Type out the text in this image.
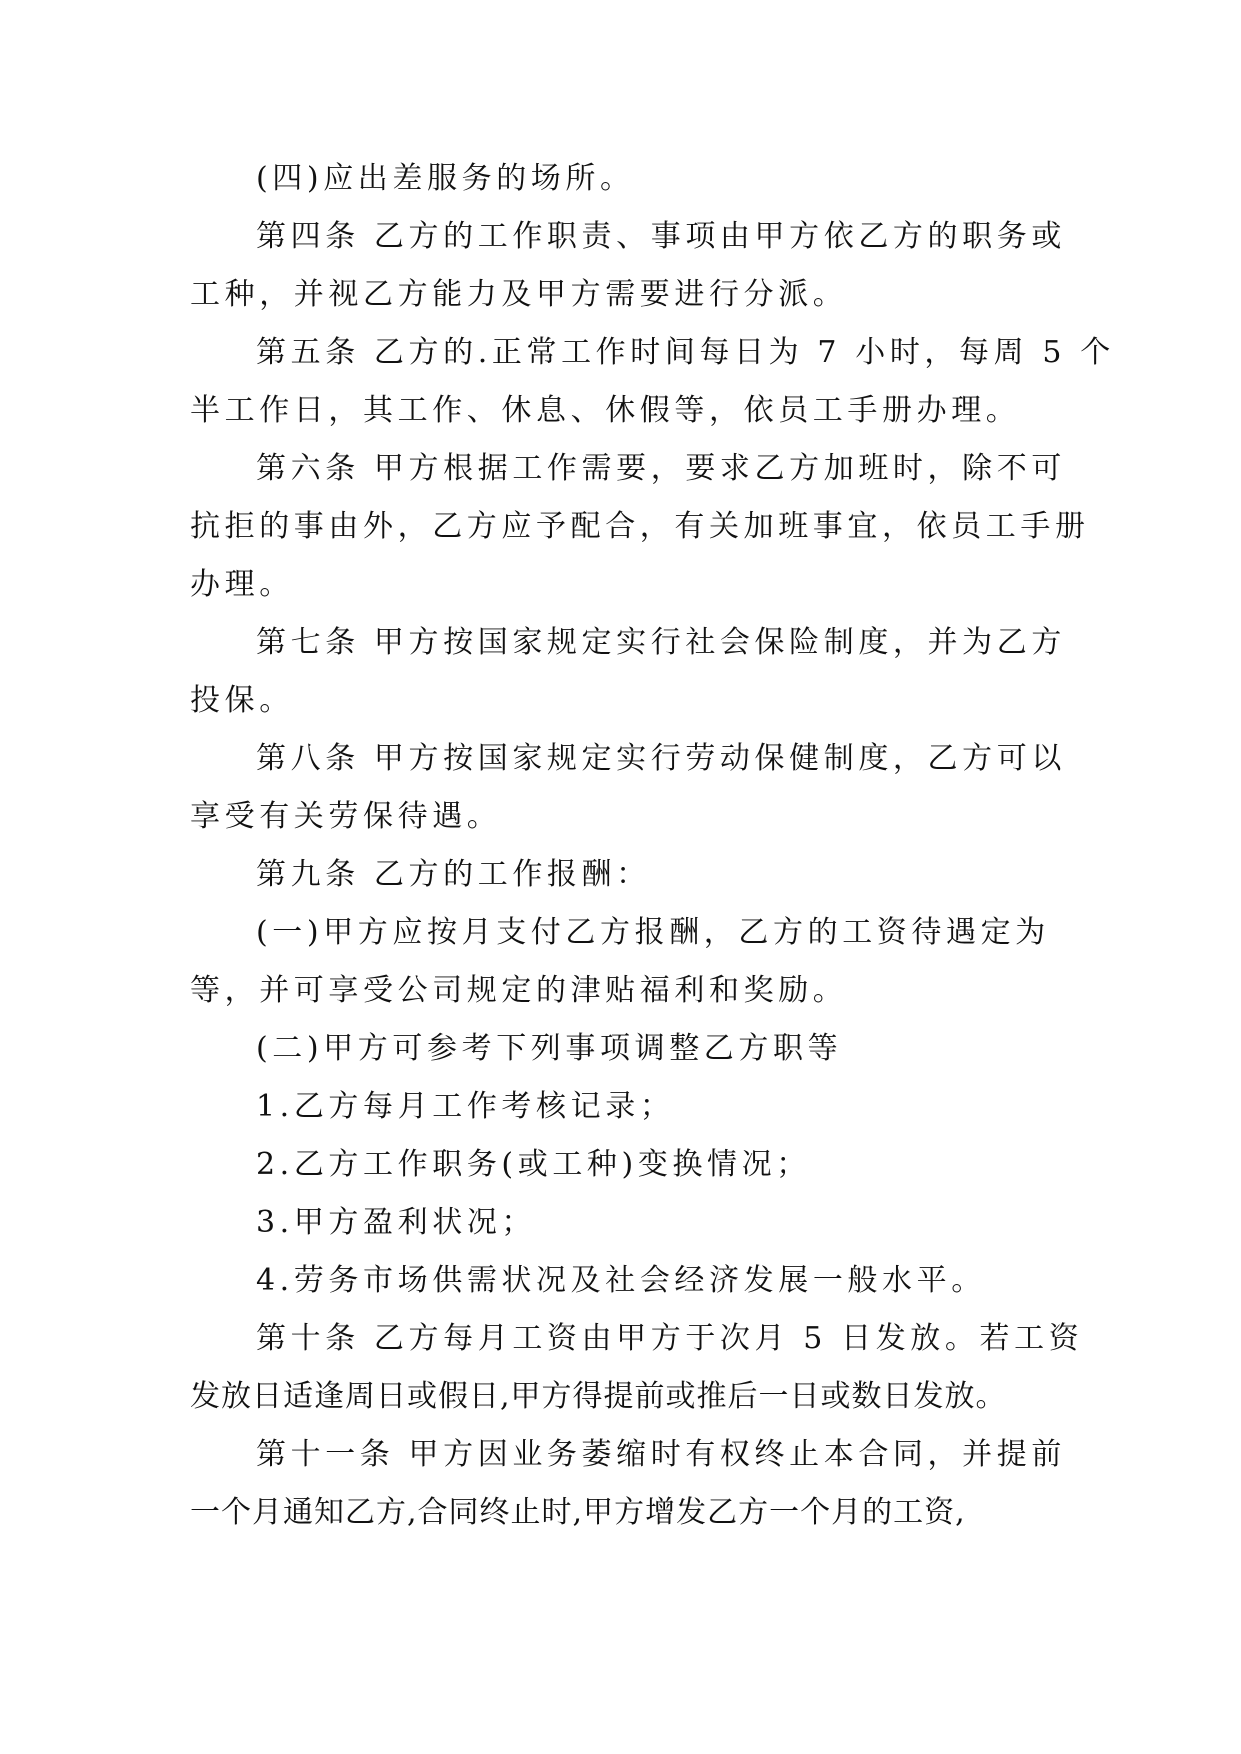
(四)应出差服务的场所。
第四条 乙方的工作职责、事项由甲方依乙方的职务或
工种，并视乙方能力及甲方需要进行分派。
第五条 乙方的.正常工作时间每日为 7 小时，每周 5 个
半工作日，其工作、休息、休假等，依员工手册办理。
第六条 甲方根据工作需要，要求乙方加班时，除不可
抗拒的事由外，乙方应予配合，有关加班事宜，依员工手册
办理。
第七条 甲方按国家规定实行社会保险制度，并为乙方
投保。
第八条 甲方按国家规定实行劳动保健制度，乙方可以
享受有关劳保待遇。
第九条 乙方的工作报酬：
(一)甲方应按月支付乙方报酬，乙方的工资待遇定为
等，并可享受公司规定的津贴福利和奖励。
(二)甲方可参考下列事项调整乙方职等
1.乙方每月工作考核记录；
2.乙方工作职务(或工种)变换情况；
3.甲方盈利状况；
4.劳务市场供需状况及社会经济发展一般水平。
第十条 乙方每月工资由甲方于次月 5 日发放。若工资
发放日适逢周日或假日,甲方得提前或推后一日或数日发放。
第十一条 甲方因业务萎缩时有权终止本合同，并提前
一个月通知乙方,合同终止时,甲方增发乙方一个月的工资,
